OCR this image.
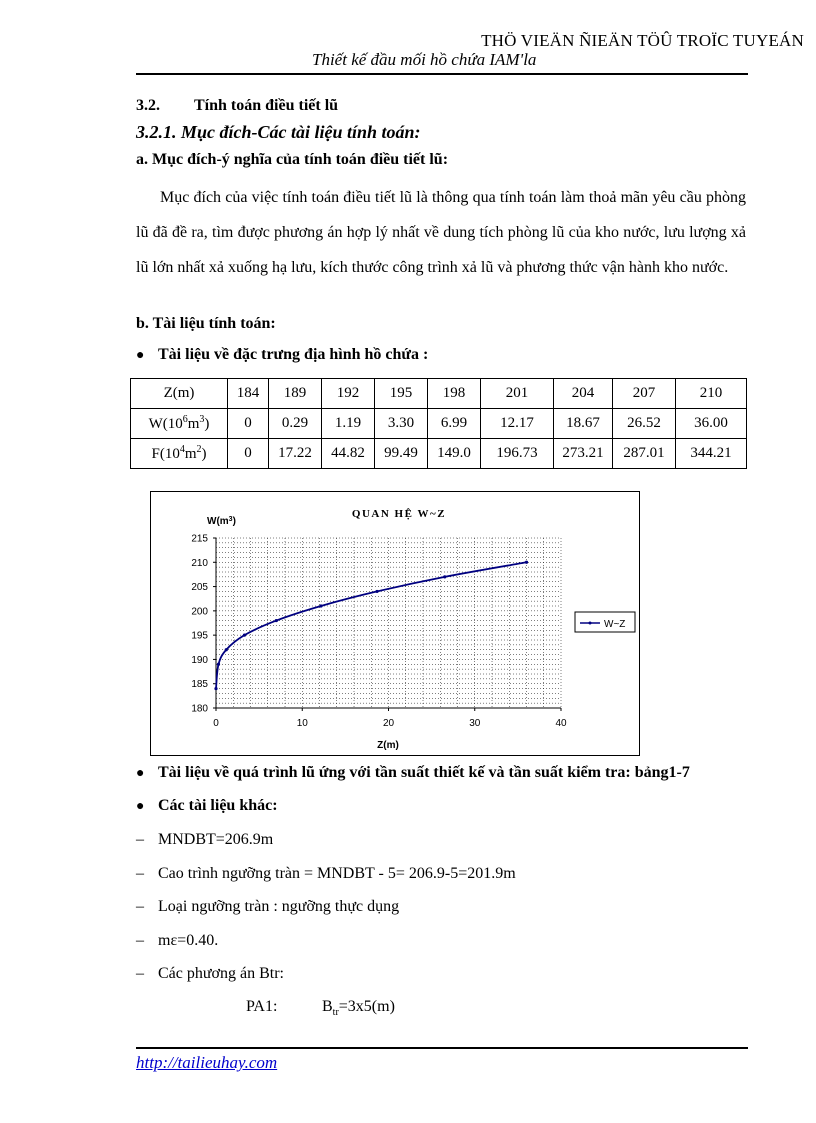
THÖ VIEÄN ÑIEÄN TÖÛ TROÏC TUYEÁN
Thiết kế đầu mối hồ chứa IAM'la
3.2. Tính toán điều tiết lũ
3.2.1. Mục đích-Các tài liệu tính toán:
a. Mục đích-ý nghĩa của tính toán điều tiết lũ:
Mục đích của việc tính toán điều tiết lũ là thông qua tính toán làm thoả mãn yêu cầu phòng lũ đã đề ra, tìm được phương án hợp lý nhất về dung tích phòng lũ của kho nước, lưu lượng xả lũ lớn nhất xả xuống hạ lưu, kích thước công trình xả lũ và phương thức vận hành kho nước.
b. Tài liệu tính toán:
● Tài liệu về đặc trưng địa hình hồ chứa :
Z(m)	184	189	192	195	198	201	204	207	210
$W(10^6m^3)$	0	0.29	1.19	3.30	6.99	12.17	18.67	26.52	36.00
$F(10^4m^2)$	0	17.22	44.82	99.49	149.0	196.73	273.21	287.01	344.21
215
210
205
200
195
190
185
180
0	10	20	30	40
QUAN HỆ W~Z
$W(m^3)$
Z(m)
W~Z
● Tài liệu về quá trình lũ ứng với tần suất thiết kế và tần suất kiểm tra: bảng1-7
● Các tài liệu khác:
– MNDBT=206.9m
– Cao trình ngưỡng tràn = MNDBT - 5= 206.9-5=201.9m
– Loại ngưỡng tràn : ngưỡng thực dụng
– mε=0.40.
– Các phương án Btr:
PA1:	$B_{tr}=3x5(m)$
http://tailieuhay.com
